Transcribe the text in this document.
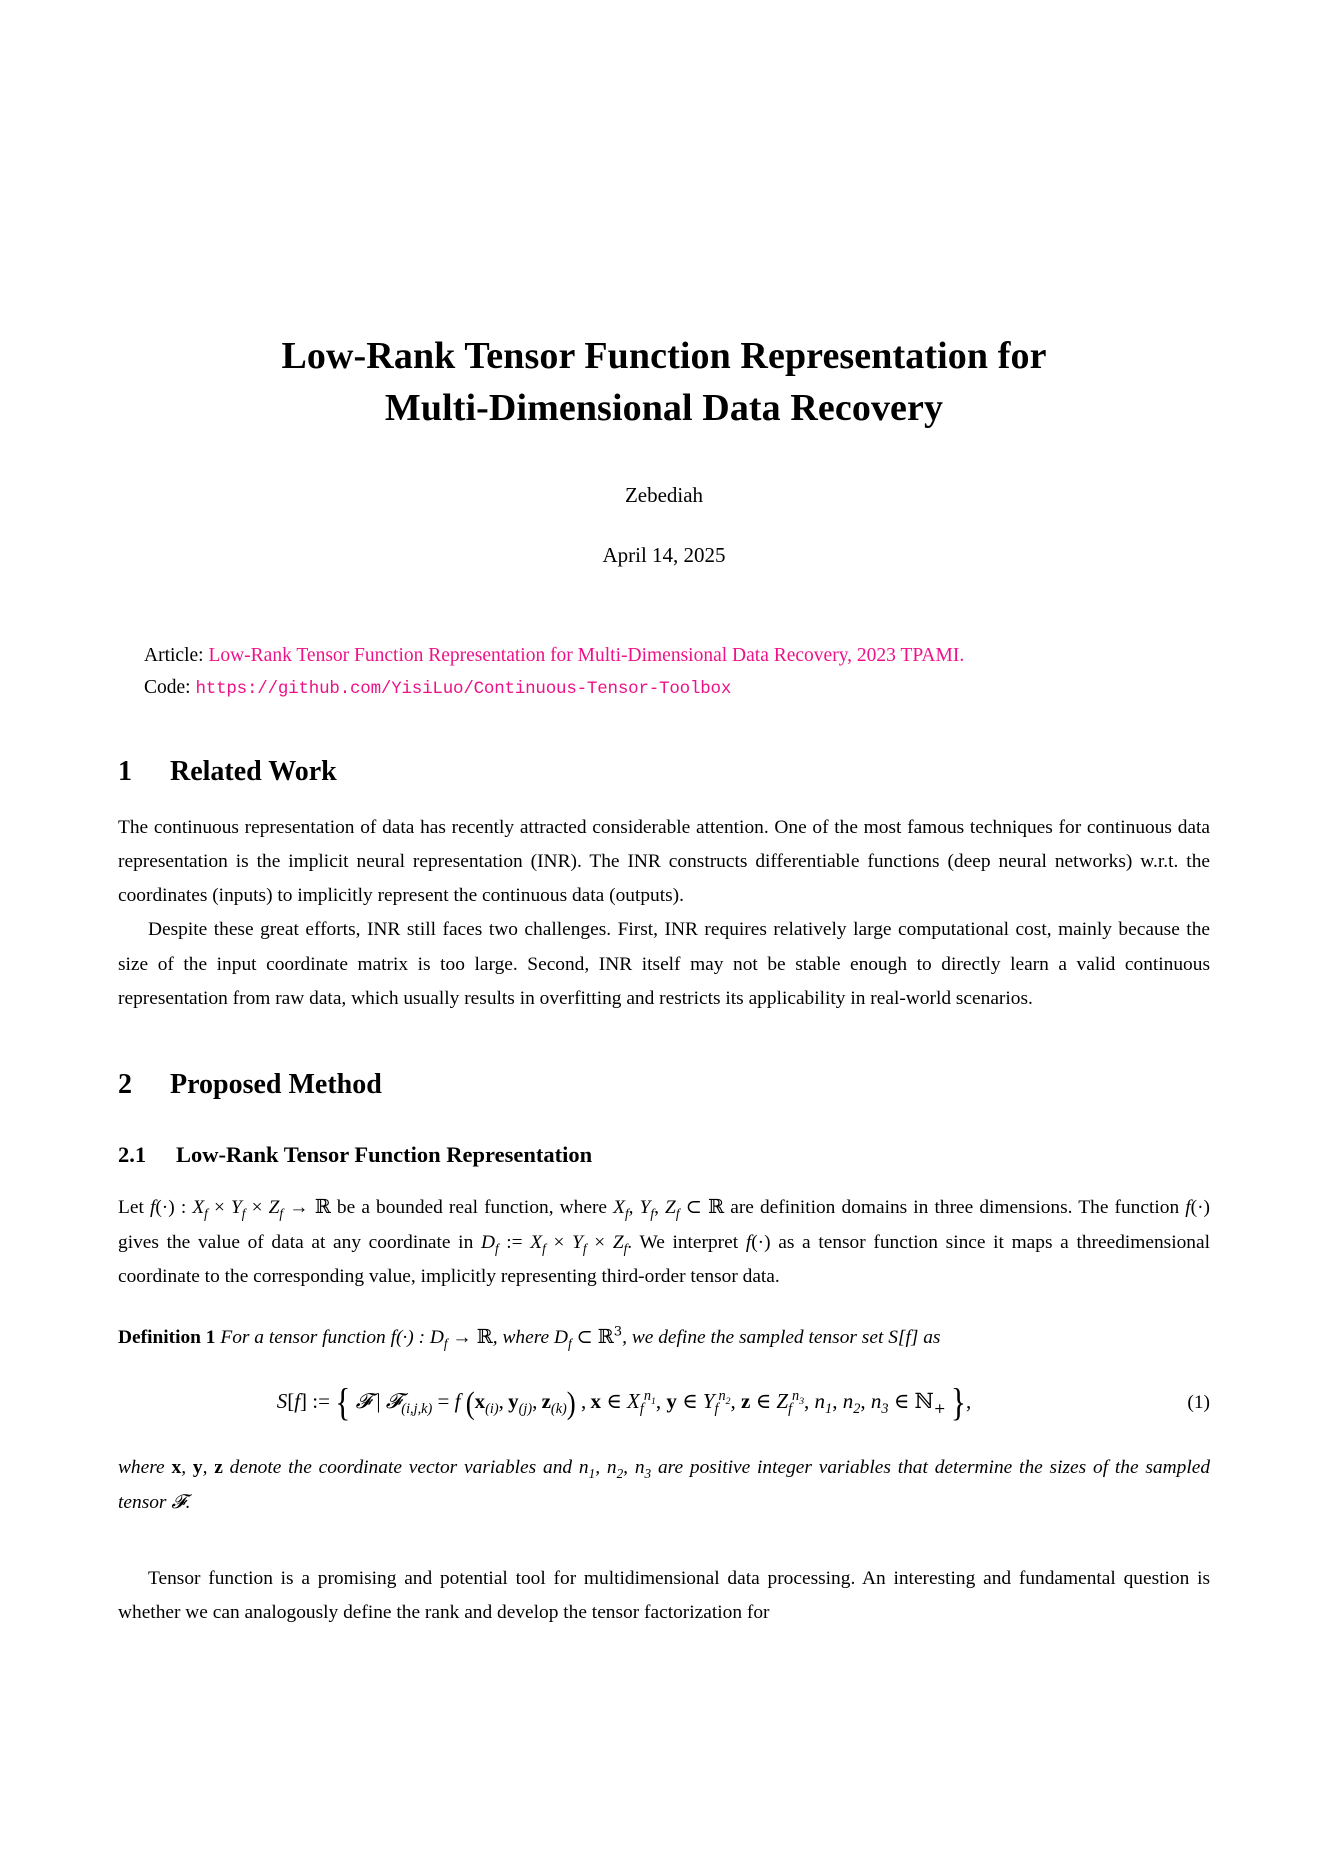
Low-Rank Tensor Function Representation for
Multi-Dimensional Data Recovery
Zebediah
April 14, 2025
Article: Low-Rank Tensor Function Representation for Multi-Dimensional Data Recovery, 2023 TPAMI.
Code: https://github.com/YisiLuo/Continuous-Tensor-Toolbox
1 Related Work

The continuous representation of data has recently attracted considerable attention. One of the most famous techniques for continuous data representation is the implicit neural representation (INR). The INR constructs differentiable functions (deep neural networks) w.r.t. the coordinates (inputs) to implicitly represent the continuous data (outputs).

Despite these great efforts, INR still faces two challenges. First, INR requires relatively large computational cost, mainly because the size of the input coordinate matrix is too large. Second, INR itself may not be stable enough to directly learn a valid continuous representation from raw data, which usually results in overfitting and restricts its applicability in real-world scenarios.

2 Proposed Method
2.1 Low-Rank Tensor Function Representation

Let f(·) : $X_f \times Y_f \times Z_f$ → ℝ be a bounded real function, where $X_f$, $Y_f$, $Z_f$ ⊂ ℝ are definition domains in three dimensions. The function f(·) gives the value of data at any coordinate in $D_f$ := $X_f \times Y_f \times Z_f$. We interpret f(·) as a tensor function since it maps a threedimensional coordinate to the corresponding value, implicitly representing third-order tensor data.

Definition 1 For a tensor function f(·) : $D_f$ → ℝ, where $D_f$ ⊂ ℝ$^3$, we define the sampled tensor set S[f] as

S[f] := { 𝓕 | 𝓕$_{(i,j,k)}$ = f ($x_{(i)}$, $y_{(j)}$, $z_{(k)}$) , x ∈ $X_f^{n_1}$, y ∈ $Y_f^{n_2}$, z ∈ $Z_f^{n_3}$, $n_1$, $n_2$, $n_3$ ∈ ℕ$_+$ },	(1)

where x, y, z denote the coordinate vector variables and $n_1$, $n_2$, $n_3$ are positive integer variables that determine the sizes of the sampled tensor 𝓕.

Tensor function is a promising and potential tool for multidimensional data processing. An interesting and fundamental question is whether we can analogously define the rank and develop the tensor factorization for
